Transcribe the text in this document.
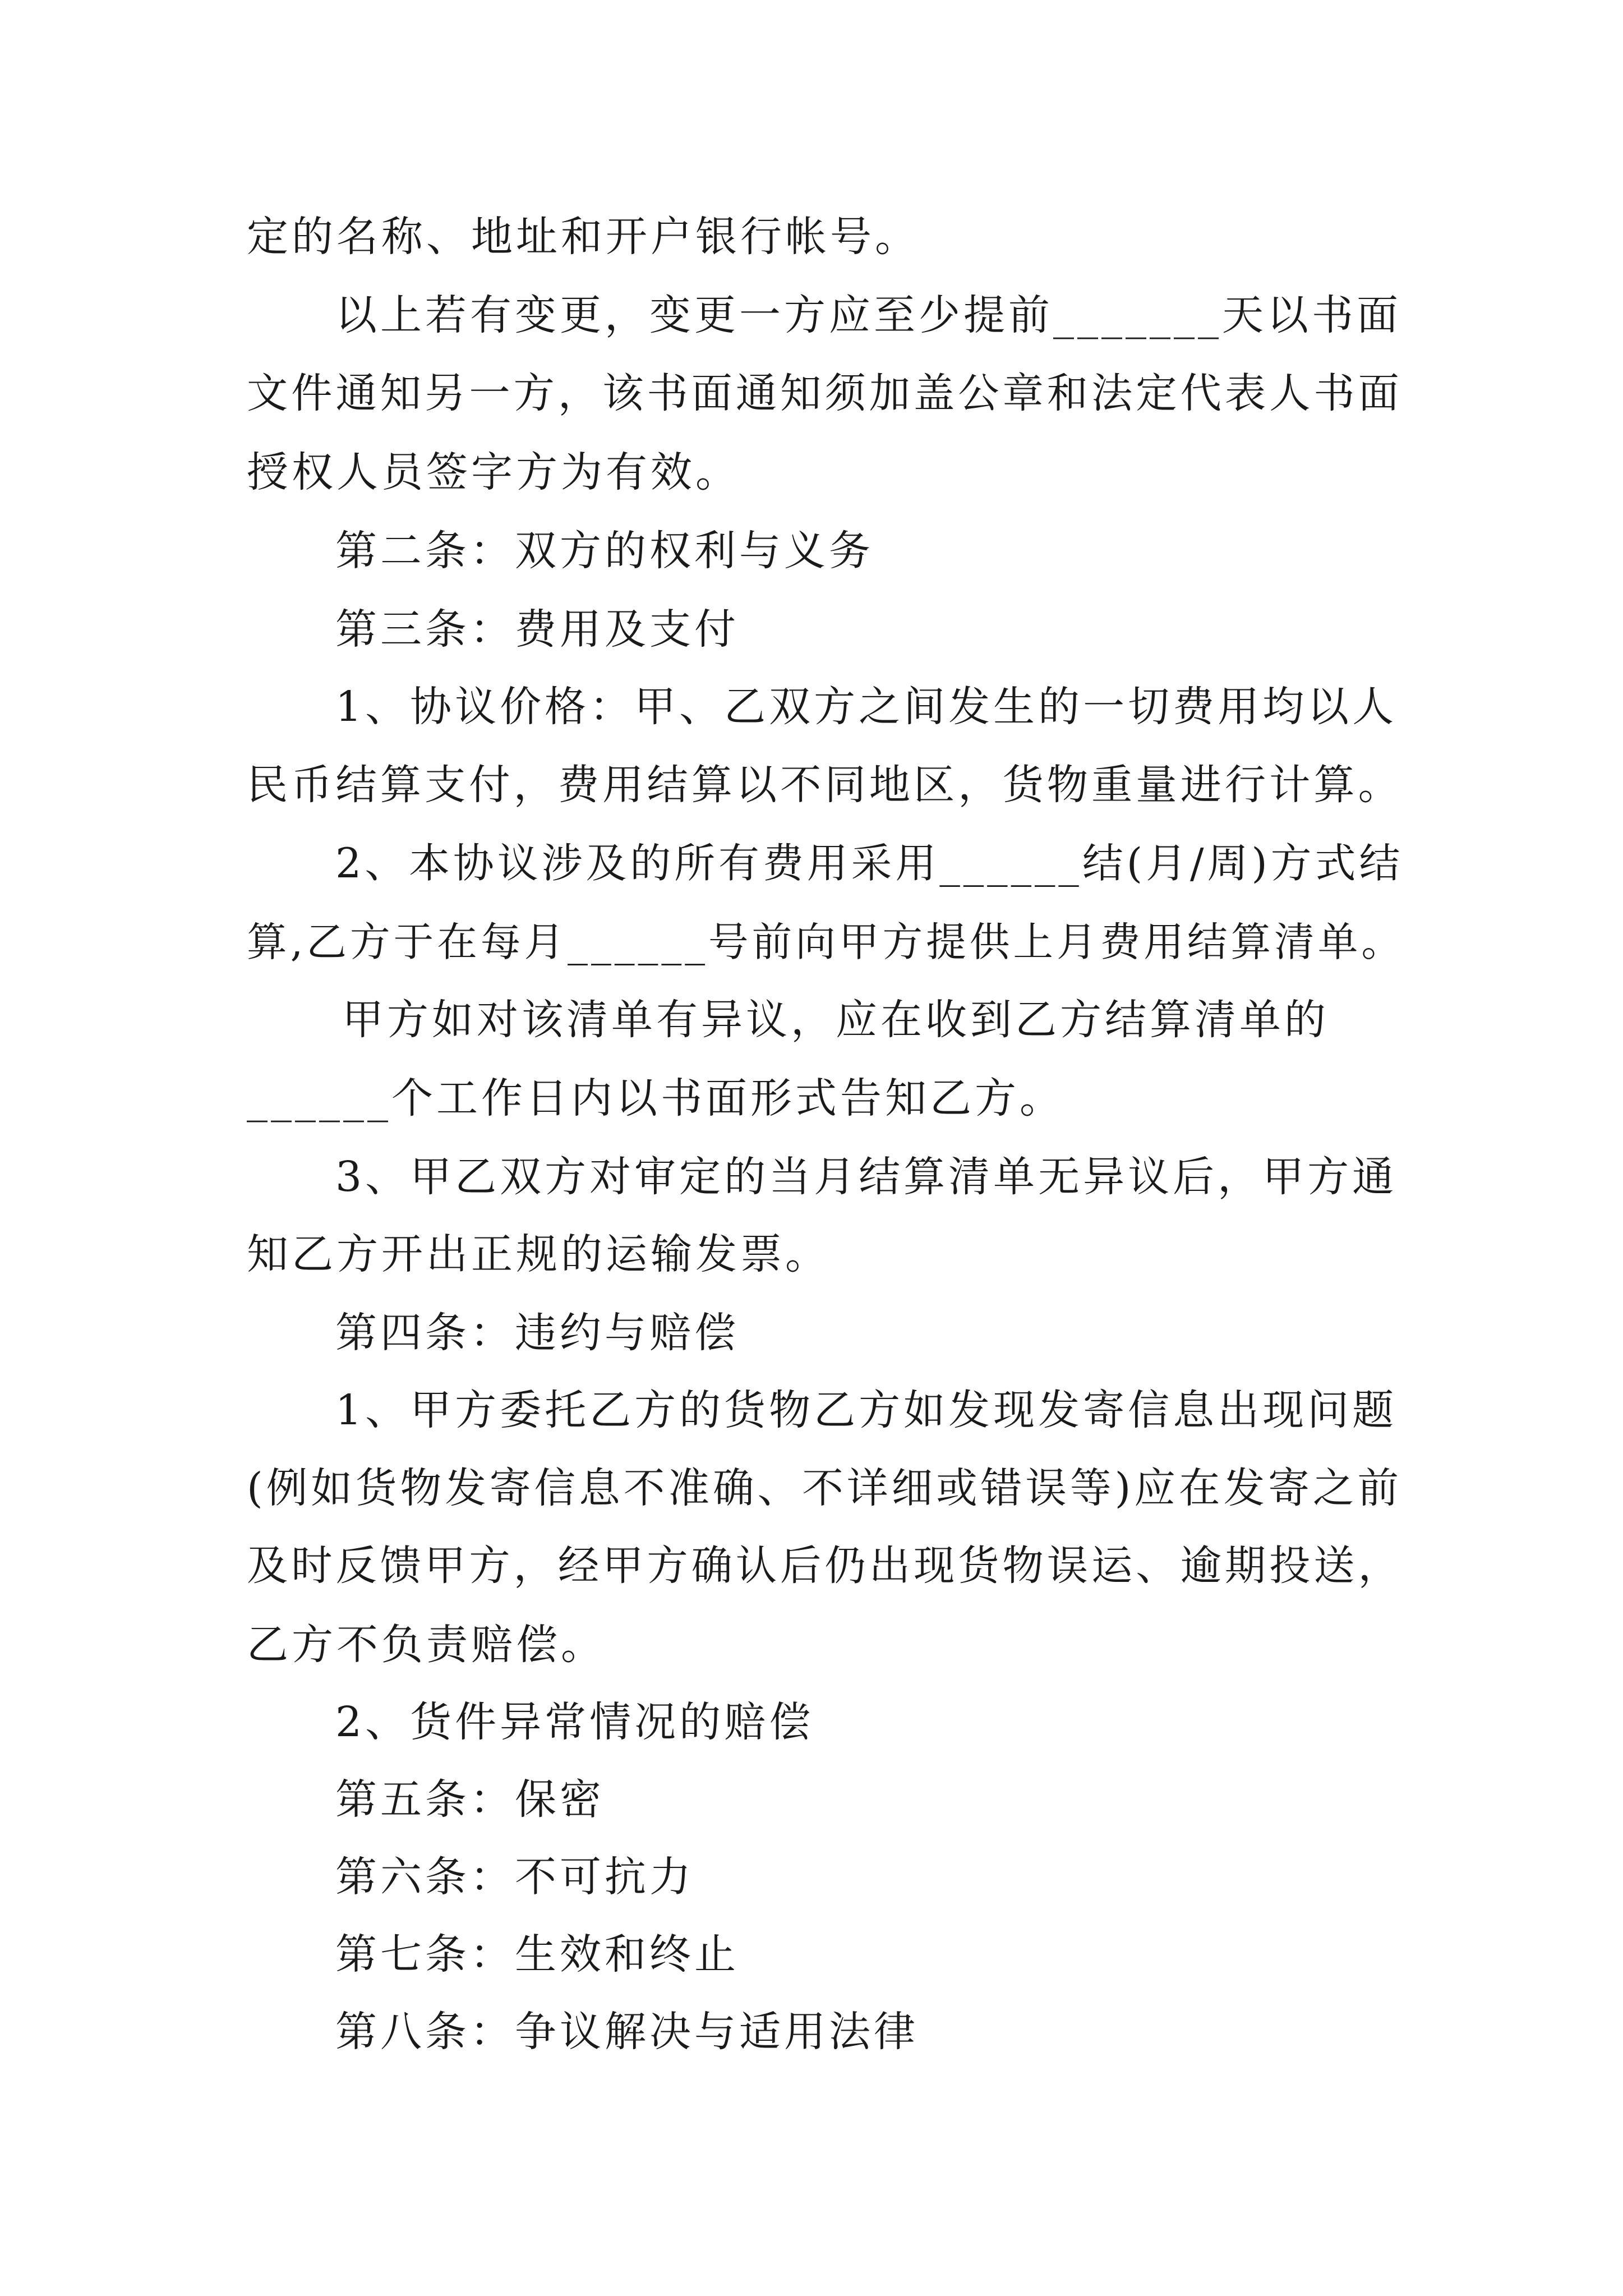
定的名称、地址和开户银行帐号。
以上若有变更，变更一方应至少提前_______天以书面
文件通知另一方，该书面通知须加盖公章和法定代表人书面
授权人员签字方为有效。
第二条：双方的权利与义务
第三条：费用及支付
1、协议价格：甲、乙双方之间发生的一切费用均以人
民币结算支付，费用结算以不同地区，货物重量进行计算。
2、本协议涉及的所有费用采用______结(月/周)方式结
算,乙方于在每月______号前向甲方提供上月费用结算清单。
甲方如对该清单有异议，应在收到乙方结算清单的
______个工作日内以书面形式告知乙方。
3、甲乙双方对审定的当月结算清单无异议后，甲方通
知乙方开出正规的运输发票。
第四条：违约与赔偿
1、甲方委托乙方的货物乙方如发现发寄信息出现问题
(例如货物发寄信息不准确、不详细或错误等)应在发寄之前
及时反馈甲方，经甲方确认后仍出现货物误运、逾期投送，
乙方不负责赔偿。
2、货件异常情况的赔偿
第五条：保密
第六条：不可抗力
第七条：生效和终止
第八条：争议解决与适用法律
